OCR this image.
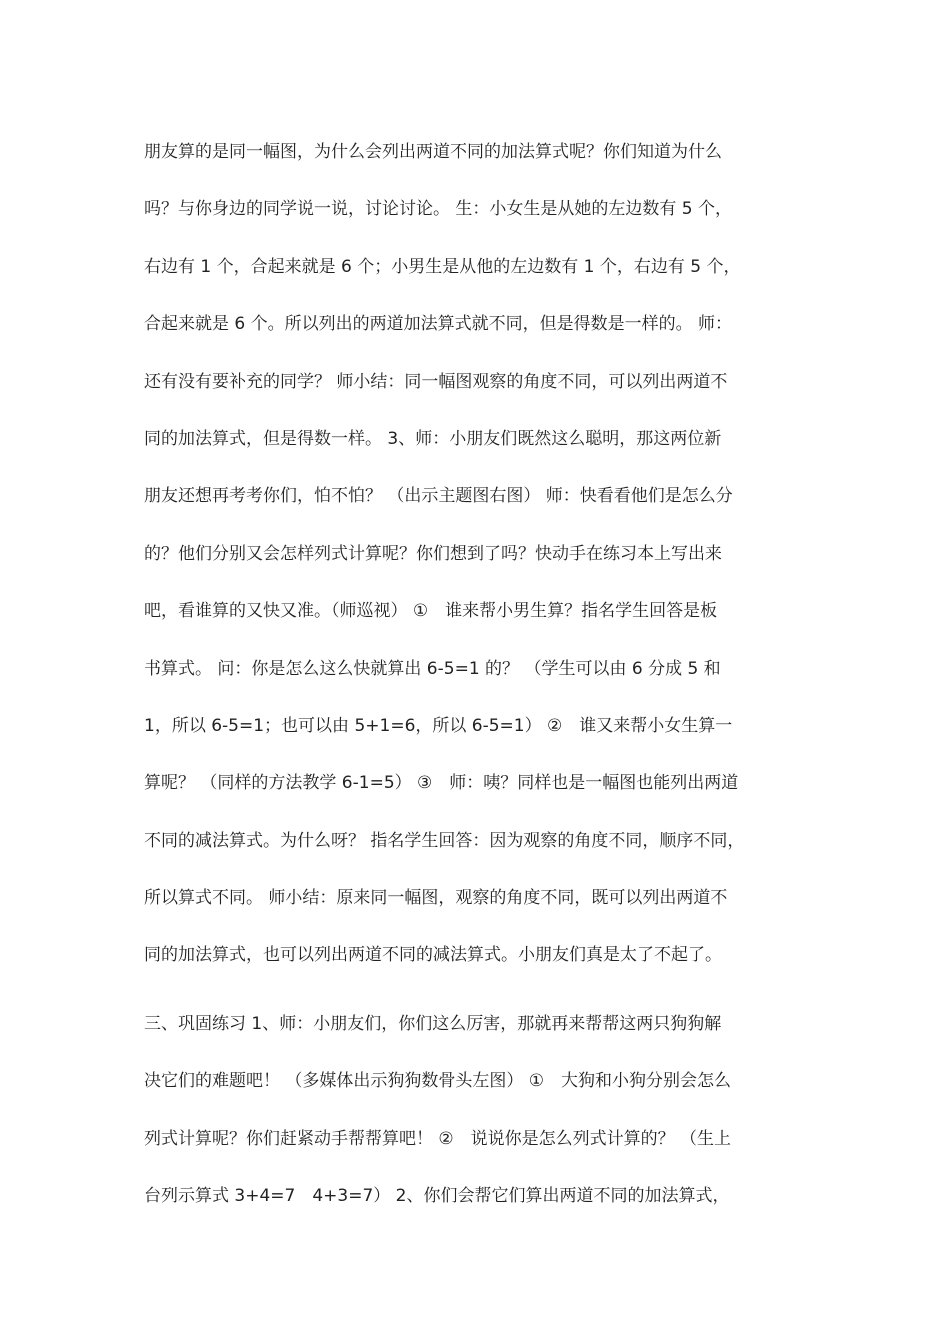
朋友算的是同一幅图，为什么会列出两道不同的加法算式呢？你们知道为什么
吗？与你身边的同学说一说，讨论讨论。 生：小女生是从她的左边数有 5 个，
右边有 1 个，合起来就是 6 个；小男生是从他的左边数有 1 个，右边有 5 个，
合起来就是 6 个。所以列出的两道加法算式就不同，但是得数是一样的。 师：
还有没有要补充的同学？ 师小结：同一幅图观察的角度不同，可以列出两道不
同的加法算式，但是得数一样。 3、师：小朋友们既然这么聪明，那这两位新
朋友还想再考考你们，怕不怕？ （出示主题图右图） 师：快看看他们是怎么分
的？他们分别又会怎样列式计算呢？你们想到了吗？快动手在练习本上写出来
吧，看谁算的又快又准。（师巡视） ①　谁来帮小男生算？指名学生回答是板
书算式。 问：你是怎么这么快就算出 6-5=1 的？ （学生可以由 6 分成 5 和
1，所以 6-5=1；也可以由 5+1=6，所以 6-5=1） ②　谁又来帮小女生算一
算呢？ （同样的方法教学 6-1=5） ③　师：咦？同样也是一幅图也能列出两道
不同的减法算式。为什么呀？ 指名学生回答：因为观察的角度不同，顺序不同，
所以算式不同。 师小结：原来同一幅图，观察的角度不同，既可以列出两道不
同的加法算式，也可以列出两道不同的减法算式。小朋友们真是太了不起了。
三、巩固练习 1、师：小朋友们，你们这么厉害，那就再来帮帮这两只狗狗解
决它们的难题吧！ （多媒体出示狗狗数骨头左图） ①　大狗和小狗分别会怎么
列式计算呢？你们赶紧动手帮帮算吧！ ②　说说你是怎么列式计算的？ （生上
台列示算式 3+4=7　4+3=7） 2、你们会帮它们算出两道不同的加法算式，
